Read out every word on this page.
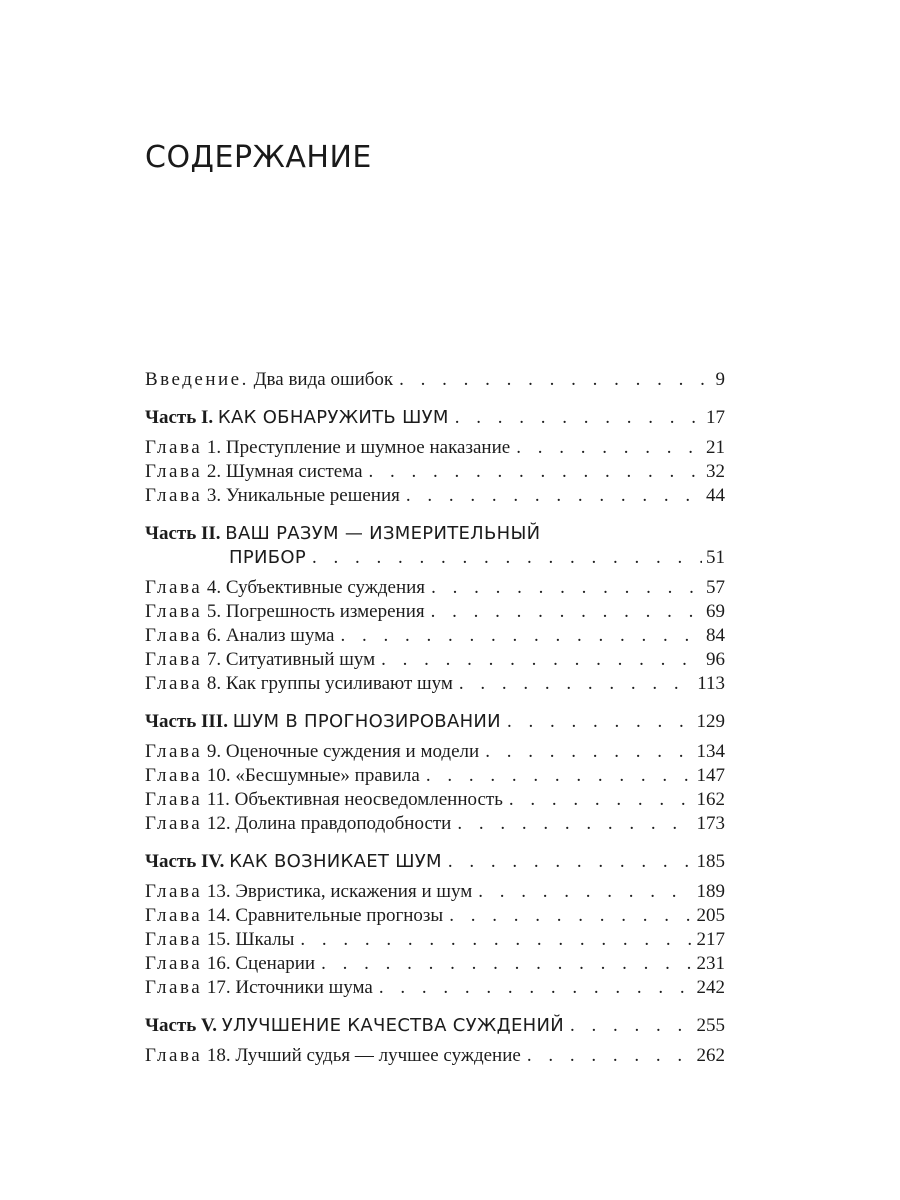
СОДЕРЖАНИЕ
Введение. Два вида ошибок . . .	9
Часть I. КАК ОБНАРУЖИТЬ ШУМ . . .	17
Глава 1. Преступление и шумное наказание . . .	21
Глава 2. Шумная система . . .	32
Глава 3. Уникальные решения . . .	44
Часть II. ВАШ РАЗУМ — ИЗМЕРИТЕЛЬНЫЙ
ПРИБОР . . .	51
Глава 4. Субъективные суждения . . .	57
Глава 5. Погрешность измерения . . .	69
Глава 6. Анализ шума . . .	84
Глава 7. Ситуативный шум . . .	96
Глава 8. Как группы усиливают шум . . .	113
Часть III. ШУМ В ПРОГНОЗИРОВАНИИ . . .	129
Глава 9. Оценочные суждения и модели . . .	134
Глава 10. «Бесшумные» правила . . .	147
Глава 11. Объективная неосведомленность . . .	162
Глава 12. Долина правдоподобности . . .	173
Часть IV. КАК ВОЗНИКАЕТ ШУМ . . .	185
Глава 13. Эвристика, искажения и шум . . .	189
Глава 14. Сравнительные прогнозы . . .	205
Глава 15. Шкалы . . .	217
Глава 16. Сценарии . . .	231
Глава 17. Источники шума . . .	242
Часть V. УЛУЧШЕНИЕ КАЧЕСТВА СУЖДЕНИЙ . . .	255
Глава 18. Лучший судья — лучшее суждение . . .	262
